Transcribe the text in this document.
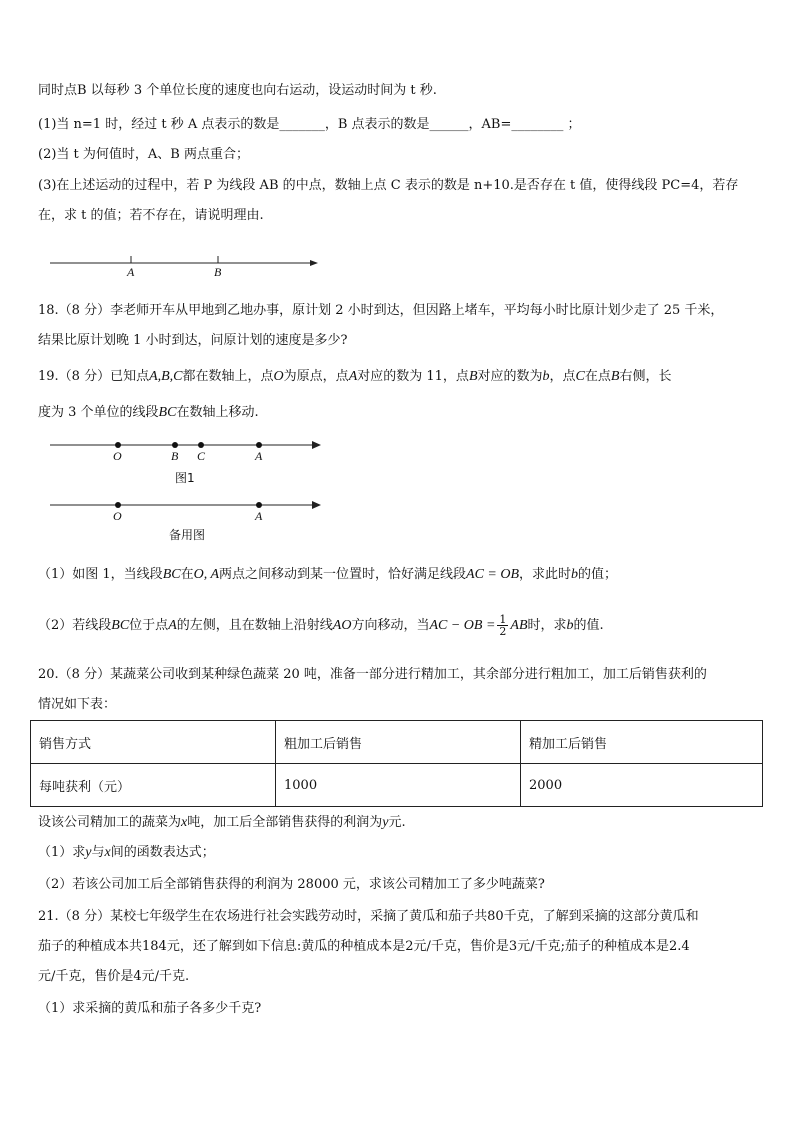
同时点B 以每秒 3 个单位长度的速度也向右运动，设运动时间为 t 秒.
(1)当 n=1 时，经过 t 秒 A 点表示的数是_______，B 点表示的数是______，AB=________ ；
(2)当 t 为何值时，A、B 两点重合；
(3)在上述运动的过程中，若 P 为线段 AB 的中点，数轴上点 C 表示的数是 n+10.是否存在 t 值，使得线段 PC=4，若存
在，求 t 的值；若不存在，请说明理由.
A	B
18.（8 分）李老师开车从甲地到乙地办事，原计划 2 小时到达，但因路上堵车，平均每小时比原计划少走了 25 千米，
结果比原计划晚 1 小时到达，问原计划的速度是多少?
19.（8 分）已知点A,B,C都在数轴上，点O为原点，点A对应的数为 11，点B对应的数为b，点C在点B右侧，长
度为 3 个单位的线段BC在数轴上移动.
O	B C	A
图1
O	A
备用图
（1）如图 1，当线段BC在O, A两点之间移动到某一位置时，恰好满足线段AC = OB，求此时b的值；
（2）若线段BC位于点A的左侧，且在数轴上沿射线AO方向移动，当AC − OB = $\frac{1}{2}$ AB时，求b的值.
20.（8 分）某蔬菜公司收到某种绿色蔬菜 20 吨，准备一部分进行精加工，其余部分进行粗加工，加工后销售获利的
情况如下表：
销售方式	粗加工后销售	精加工后销售
每吨获利（元）	1000	2000
设该公司精加工的蔬菜为x吨，加工后全部销售获得的利润为y元.
（1）求y与x间的函数表达式；
（2）若该公司加工后全部销售获得的利润为 28000 元，求该公司精加工了多少吨蔬菜?
21.（8 分）某校七年级学生在农场进行社会实践劳动时，采摘了黄瓜和茄子共80千克，了解到采摘的这部分黄瓜和
茄子的种植成本共184元，还了解到如下信息:黄瓜的种植成本是2元/千克，售价是3元/千克;茄子的种植成本是2.4
元/千克，售价是4元/千克.
（1）求采摘的黄瓜和茄子各多少千克?
